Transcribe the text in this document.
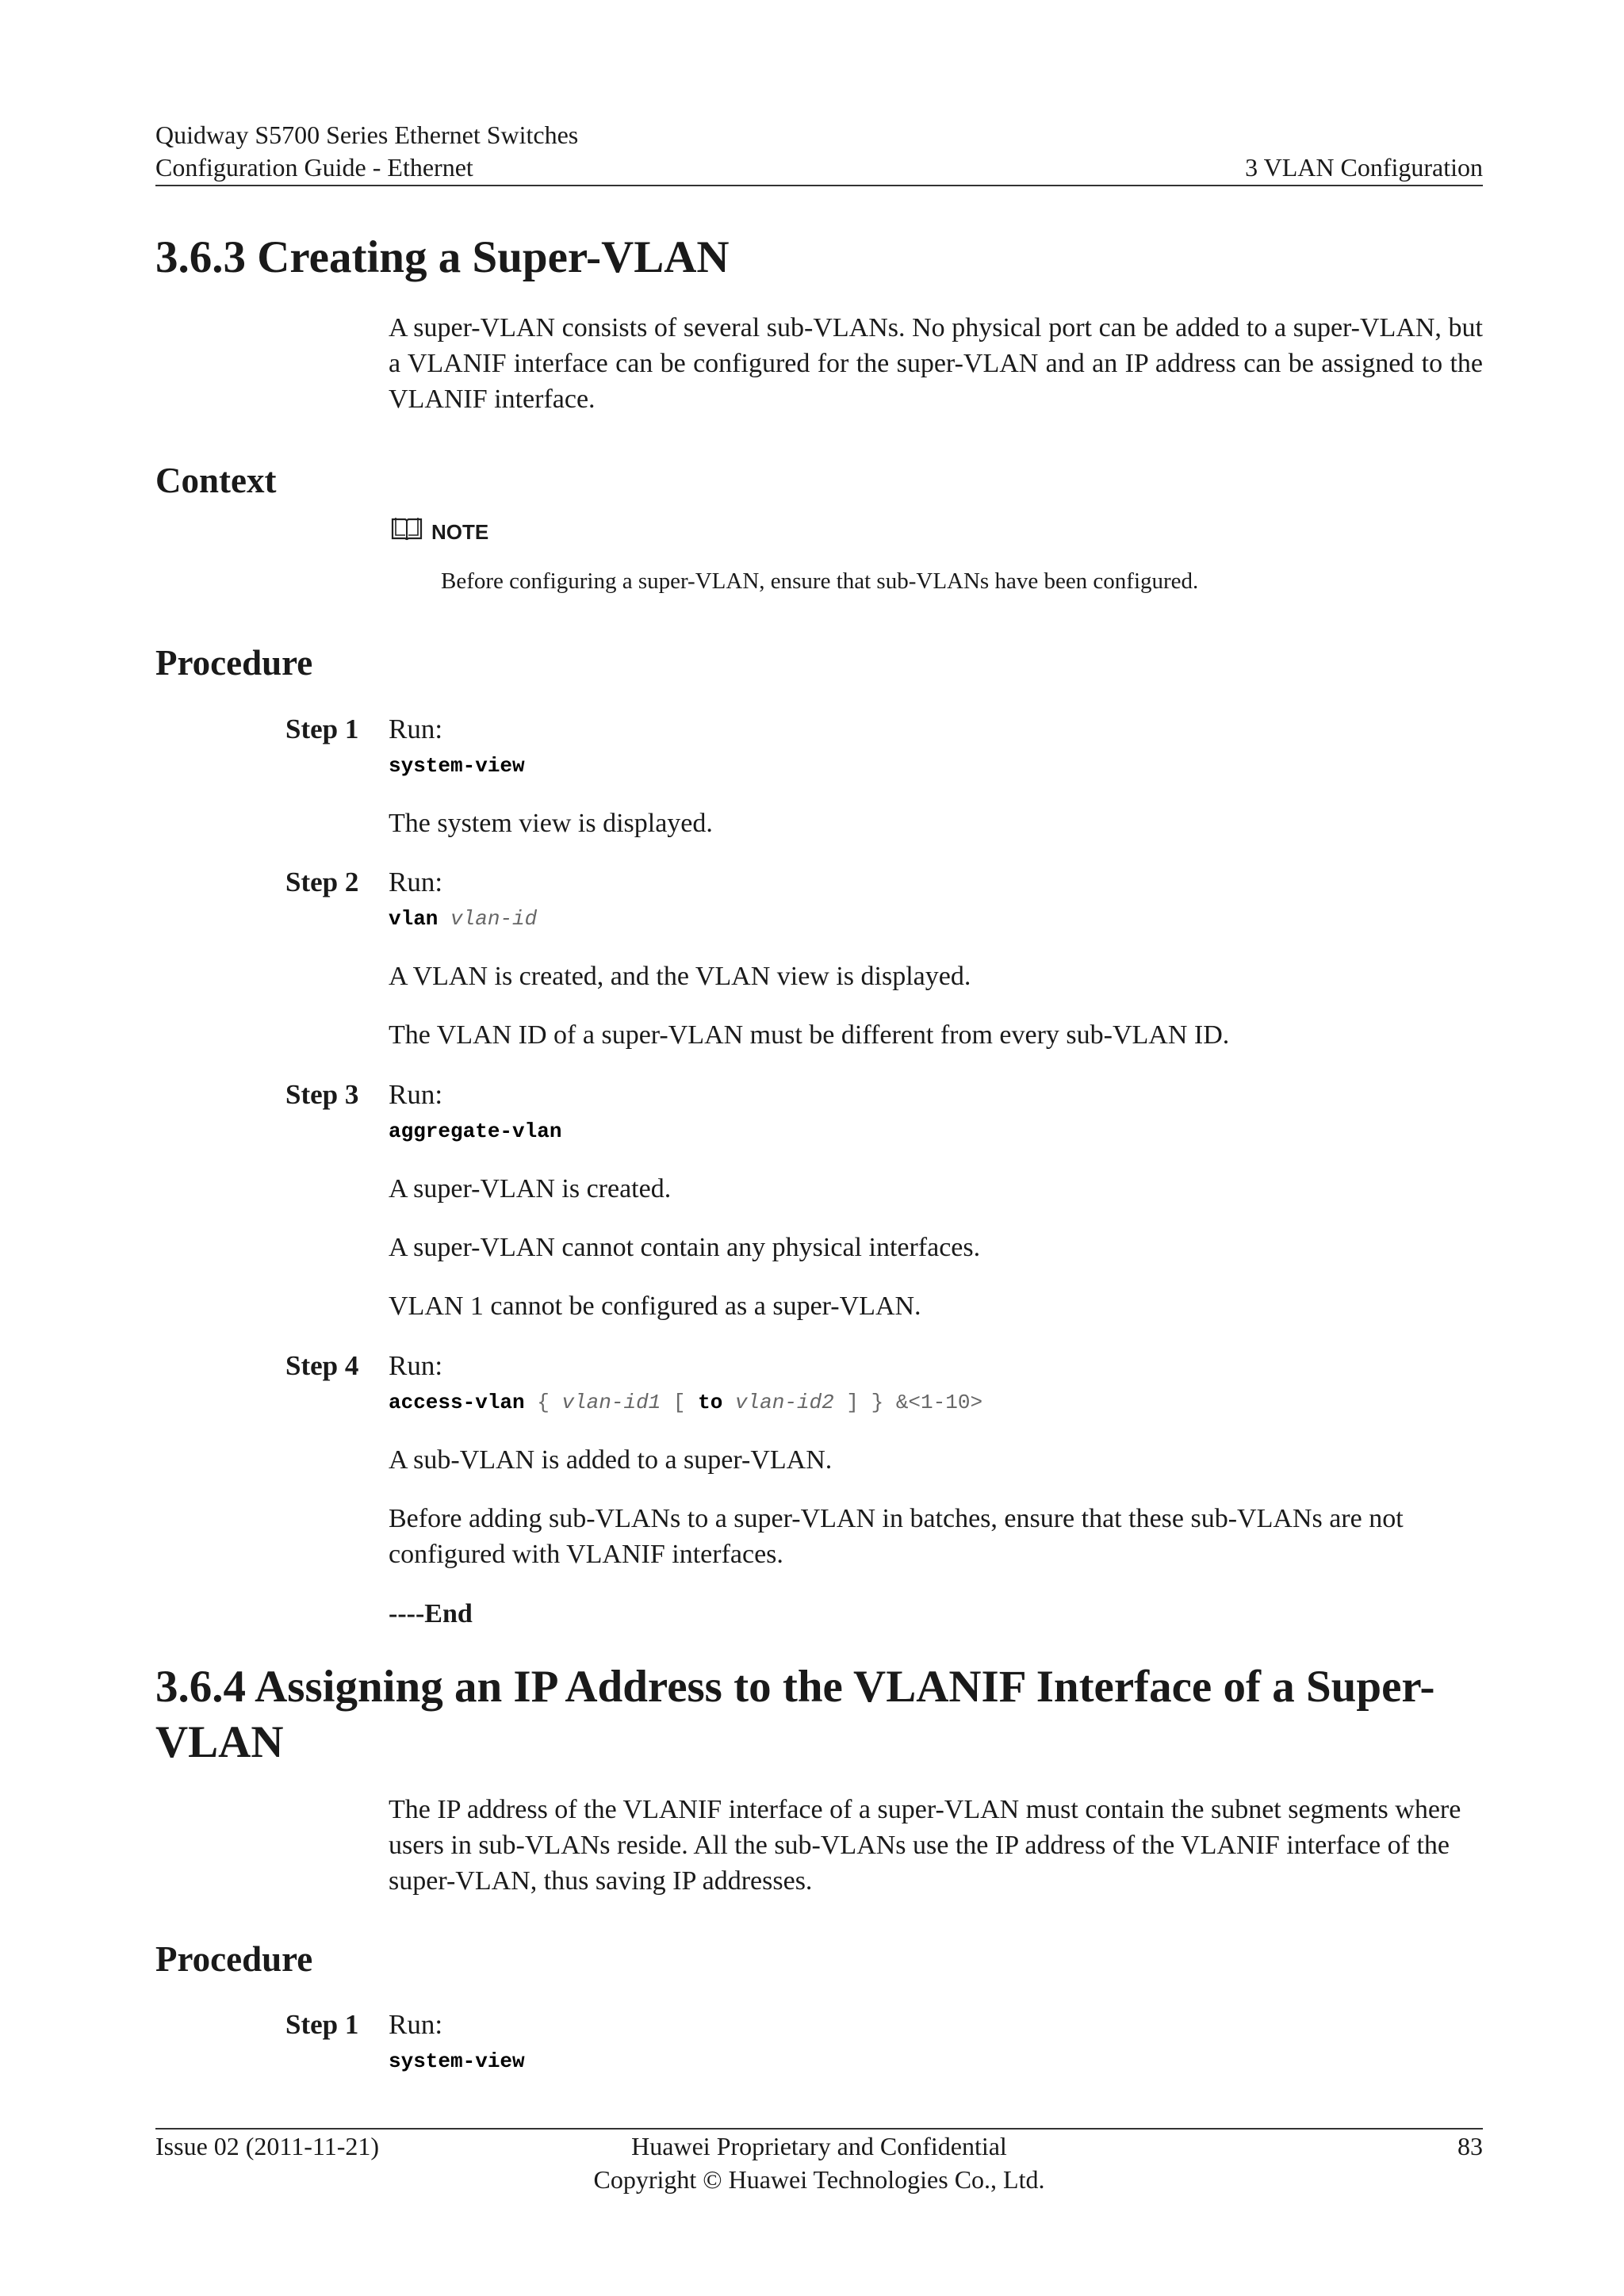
Quidway S5700 Series Ethernet Switches
Configuration Guide - Ethernet	3 VLAN Configuration
3.6.3 Creating a Super-VLAN

A super-VLAN consists of several sub-VLANs. No physical port can be added to a super-VLAN, but a VLANIF interface can be configured for the super-VLAN and an IP address can be assigned to the VLANIF interface.

Context
NOTE
Before configuring a super-VLAN, ensure that sub-VLANs have been configured.
Procedure
Step 1 Run:
system-view

The system view is displayed.

Step 2 Run:
vlan vlan-id

A VLAN is created, and the VLAN view is displayed.

The VLAN ID of a super-VLAN must be different from every sub-VLAN ID.

Step 3 Run:
aggregate-vlan

A super-VLAN is created.

A super-VLAN cannot contain any physical interfaces.

VLAN 1 cannot be configured as a super-VLAN.

Step 4 Run:
access-vlan { vlan-id1 [ to vlan-id2 ] } &<1-10>

A sub-VLAN is added to a super-VLAN.

Before adding sub-VLANs to a super-VLAN in batches, ensure that these sub-VLANs are not configured with VLANIF interfaces.

----End
3.6.4 Assigning an IP Address to the VLANIF Interface of a Super-
VLAN

The IP address of the VLANIF interface of a super-VLAN must contain the subnet segments where users in sub-VLANs reside. All the sub-VLANs use the IP address of the VLANIF interface of the super-VLAN, thus saving IP addresses.

Procedure
Step 1 Run:
system-view
Issue 02 (2011-11-21)	Huawei Proprietary and Confidential	83
Copyright © Huawei Technologies Co., Ltd.
